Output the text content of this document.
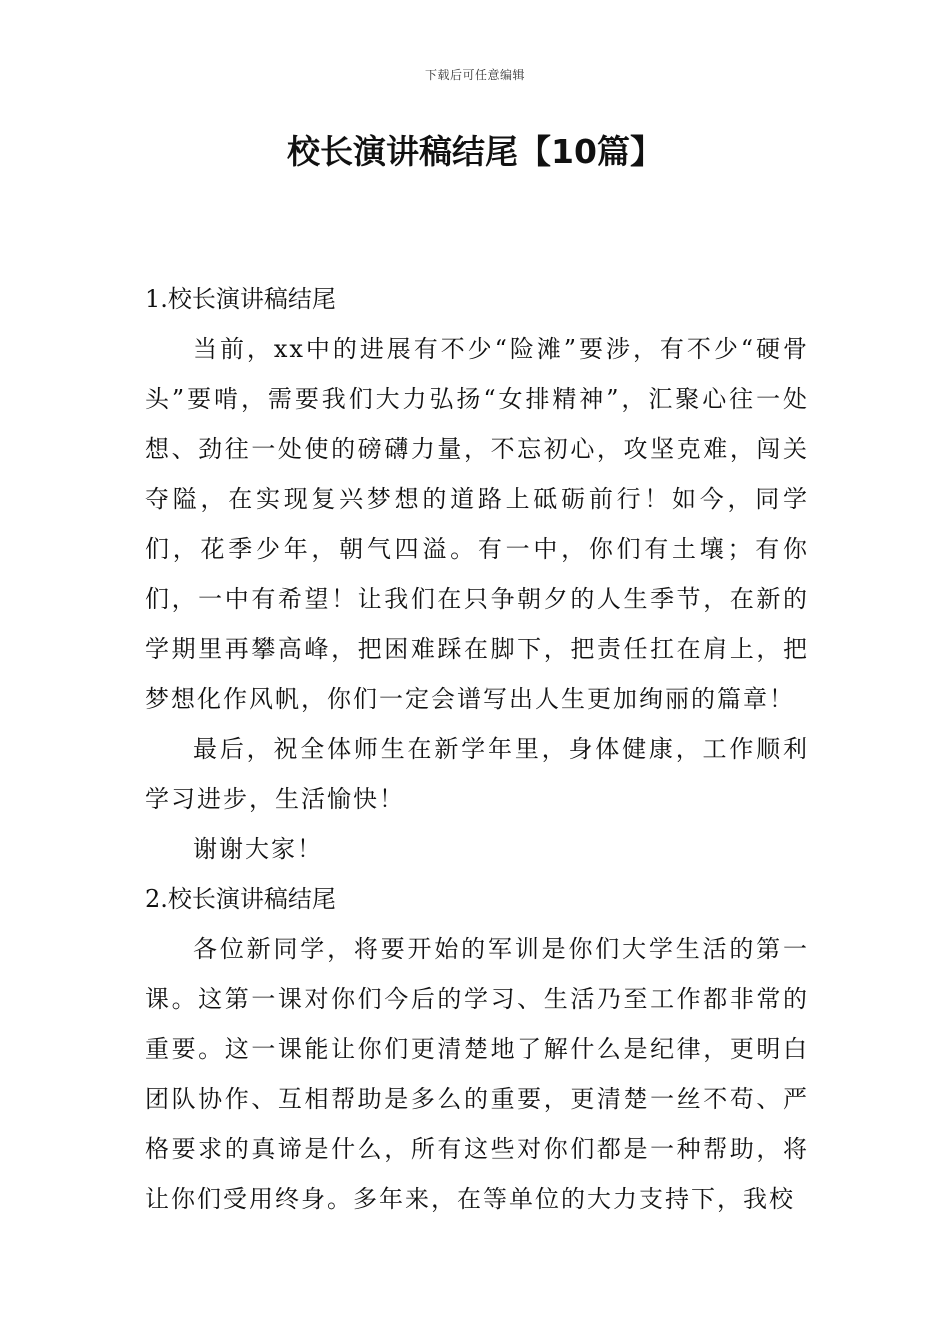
下载后可任意编辑
校长演讲稿结尾【10篇】
1.校长演讲稿结尾

当前，xx中的进展有不少“险滩”要涉，有不少“硬骨头”要啃，需要我们大力弘扬“女排精神”，汇聚心往一处想、劲往一处使的磅礴力量，不忘初心，攻坚克难，闯关夺隘，在实现复兴梦想的道路上砥砺前行！如今，同学们，花季少年，朝气四溢。有一中，你们有土壤；有你们，一中有希望！让我们在只争朝夕的人生季节，在新的学期里再攀高峰，把困难踩在脚下，把责任扛在肩上，把梦想化作风帆，你们一定会谱写出人生更加绚丽的篇章！

最后，祝全体师生在新学年里，身体健康，工作顺利学习进步，生活愉快！

谢谢大家！

2.校长演讲稿结尾

各位新同学，将要开始的军训是你们大学生活的第一课。这第一课对你们今后的学习、生活乃至工作都非常的重要。这一课能让你们更清楚地了解什么是纪律，更明白团队协作、互相帮助是多么的重要，更清楚一丝不苟、严格要求的真谛是什么，所有这些对你们都是一种帮助，将让你们受用终身。多年来，在等单位的大力支持下，我校
